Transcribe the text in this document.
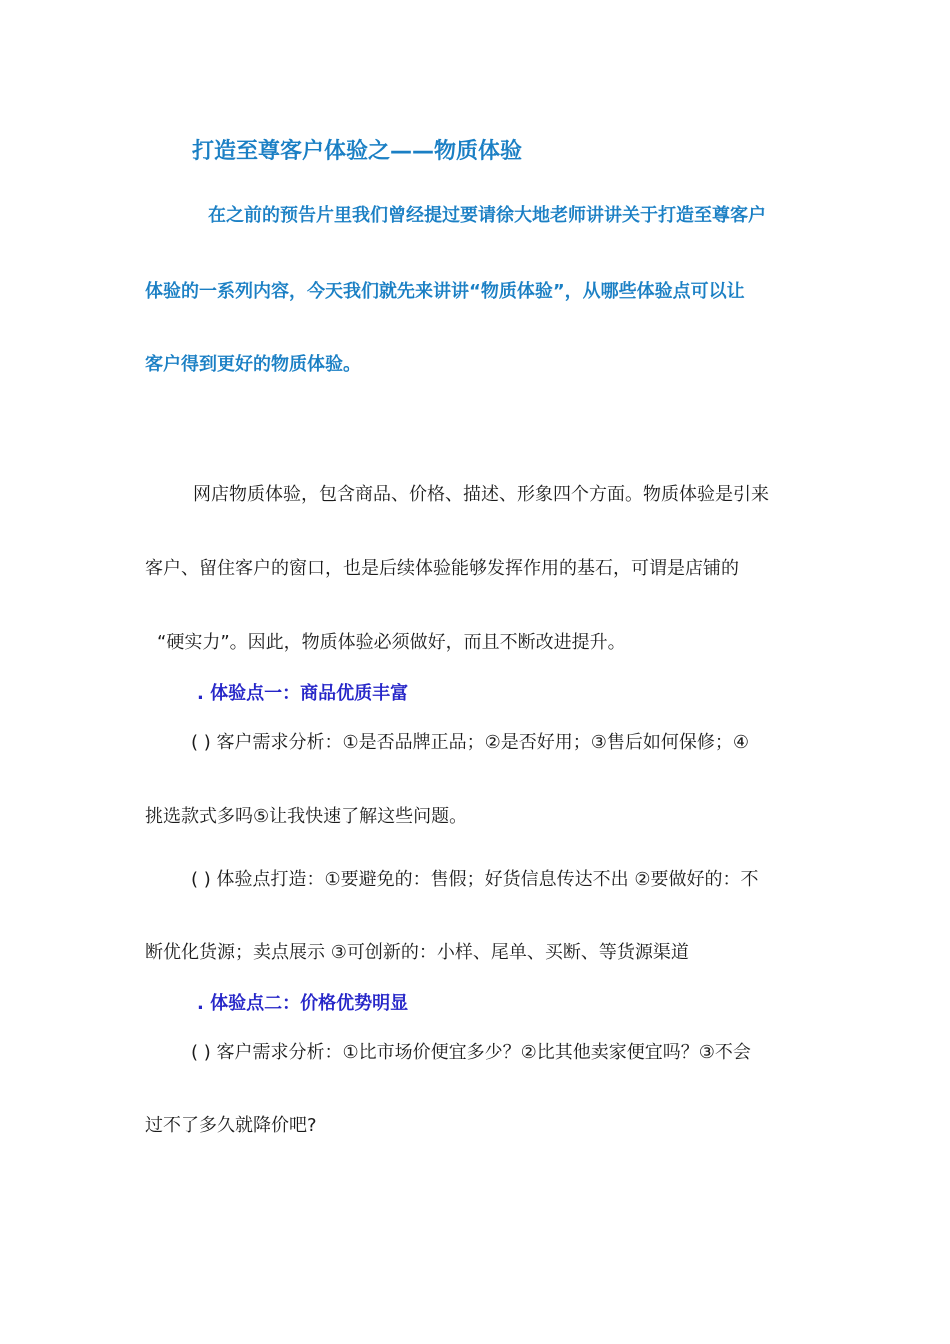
打造至尊客户体验之——物质体验
在之前的预告片里我们曾经提过要请徐大地老师讲讲关于打造至尊客户
体验的一系列内容，今天我们就先来讲讲“物质体验”，从哪些体验点可以让
客户得到更好的物质体验。
网店物质体验，包含商品、价格、描述、形象四个方面。物质体验是引来
客户、留住客户的窗口，也是后续体验能够发挥作用的基石，可谓是店铺的
“硬实力”。因此，物质体验必须做好，而且不断改进提升。
. 体验点一：商品优质丰富
( ) 客户需求分析：①是否品牌正品；②是否好用；③售后如何保修；④
挑选款式多吗⑤让我快速了解这些问题。
( ) 体验点打造：①要避免的：售假；好货信息传达不出 ②要做好的：不
断优化货源；卖点展示 ③可创新的：小样、尾单、买断、等货源渠道
. 体验点二：价格优势明显
( ) 客户需求分析：①比市场价便宜多少？②比其他卖家便宜吗？③不会
过不了多久就降价吧?
